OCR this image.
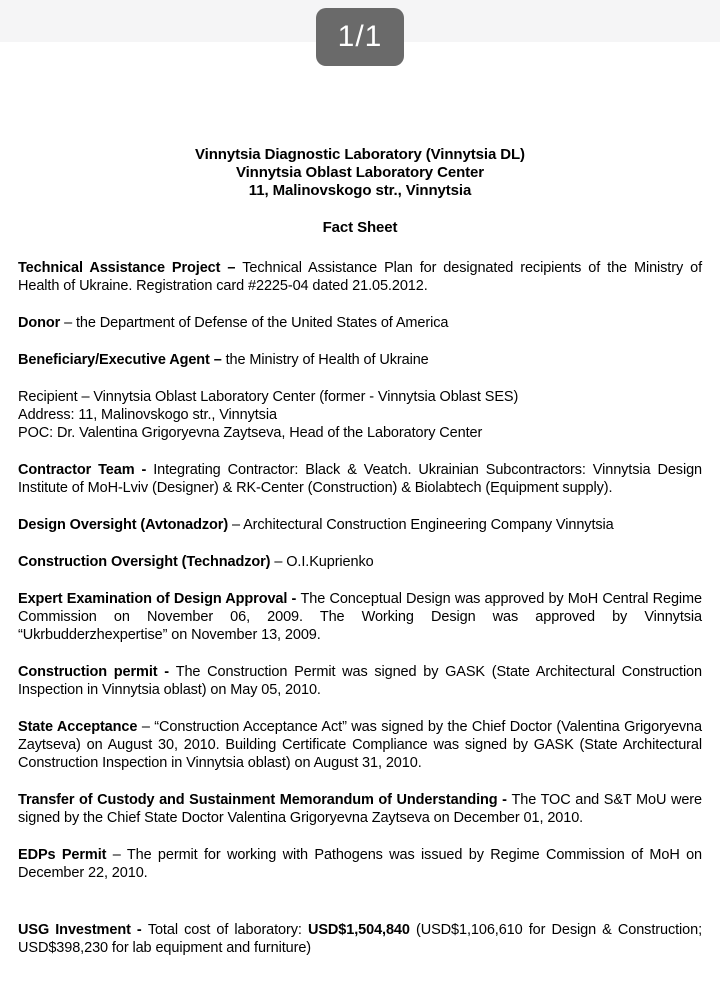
1/1
Vinnytsia Diagnostic Laboratory (Vinnytsia DL)
Vinnytsia Oblast Laboratory Center
11, Malinovskogo str., Vinnytsia
Fact Sheet

Technical Assistance Project – Technical Assistance Plan for designated recipients of the Ministry of Health of Ukraine. Registration card #2225-04 dated 21.05.2012.

Donor – the Department of Defense of the United States of America

Beneficiary/Executive Agent – the Ministry of Health of Ukraine

Recipient – Vinnytsia Oblast Laboratory Center (former - Vinnytsia Oblast SES)
Address: 11, Malinovskogo str., Vinnytsia
POC: Dr. Valentina Grigoryevna Zaytseva, Head of the Laboratory Center

Contractor Team - Integrating Contractor: Black & Veatch. Ukrainian Subcontractors: Vinnytsia Design Institute of MoH-Lviv (Designer) & RK-Center (Construction) & Biolabtech (Equipment supply).

Design Oversight (Avtonadzor) – Architectural Construction Engineering Company Vinnytsia

Construction Oversight (Technadzor) – O.I.Kuprienko

Expert Examination of Design Approval - The Conceptual Design was approved by MoH Central Regime Commission on November 06, 2009. The Working Design was approved by Vinnytsia “Ukrbudderzhexpertise” on November 13, 2009.

Construction permit - The Construction Permit was signed by GASK (State Architectural Construction Inspection in Vinnytsia oblast) on May 05, 2010.

State Acceptance – “Construction Acceptance Act” was signed by the Chief Doctor (Valentina Grigoryevna Zaytseva) on August 30, 2010. Building Certificate Compliance was signed by GASK (State Architectural Construction Inspection in Vinnytsia oblast) on August 31, 2010.

Transfer of Custody and Sustainment Memorandum of Understanding - The TOC and S&T MoU were signed by the Chief State Doctor Valentina Grigoryevna Zaytseva on December 01, 2010.

EDPs Permit – The permit for working with Pathogens was issued by Regime Commission of MoH on December 22, 2010.

USG Investment - Total cost of laboratory: USD$1,504,840 (USD$1,106,610 for Design & Construction; USD$398,230 for lab equipment and furniture)
